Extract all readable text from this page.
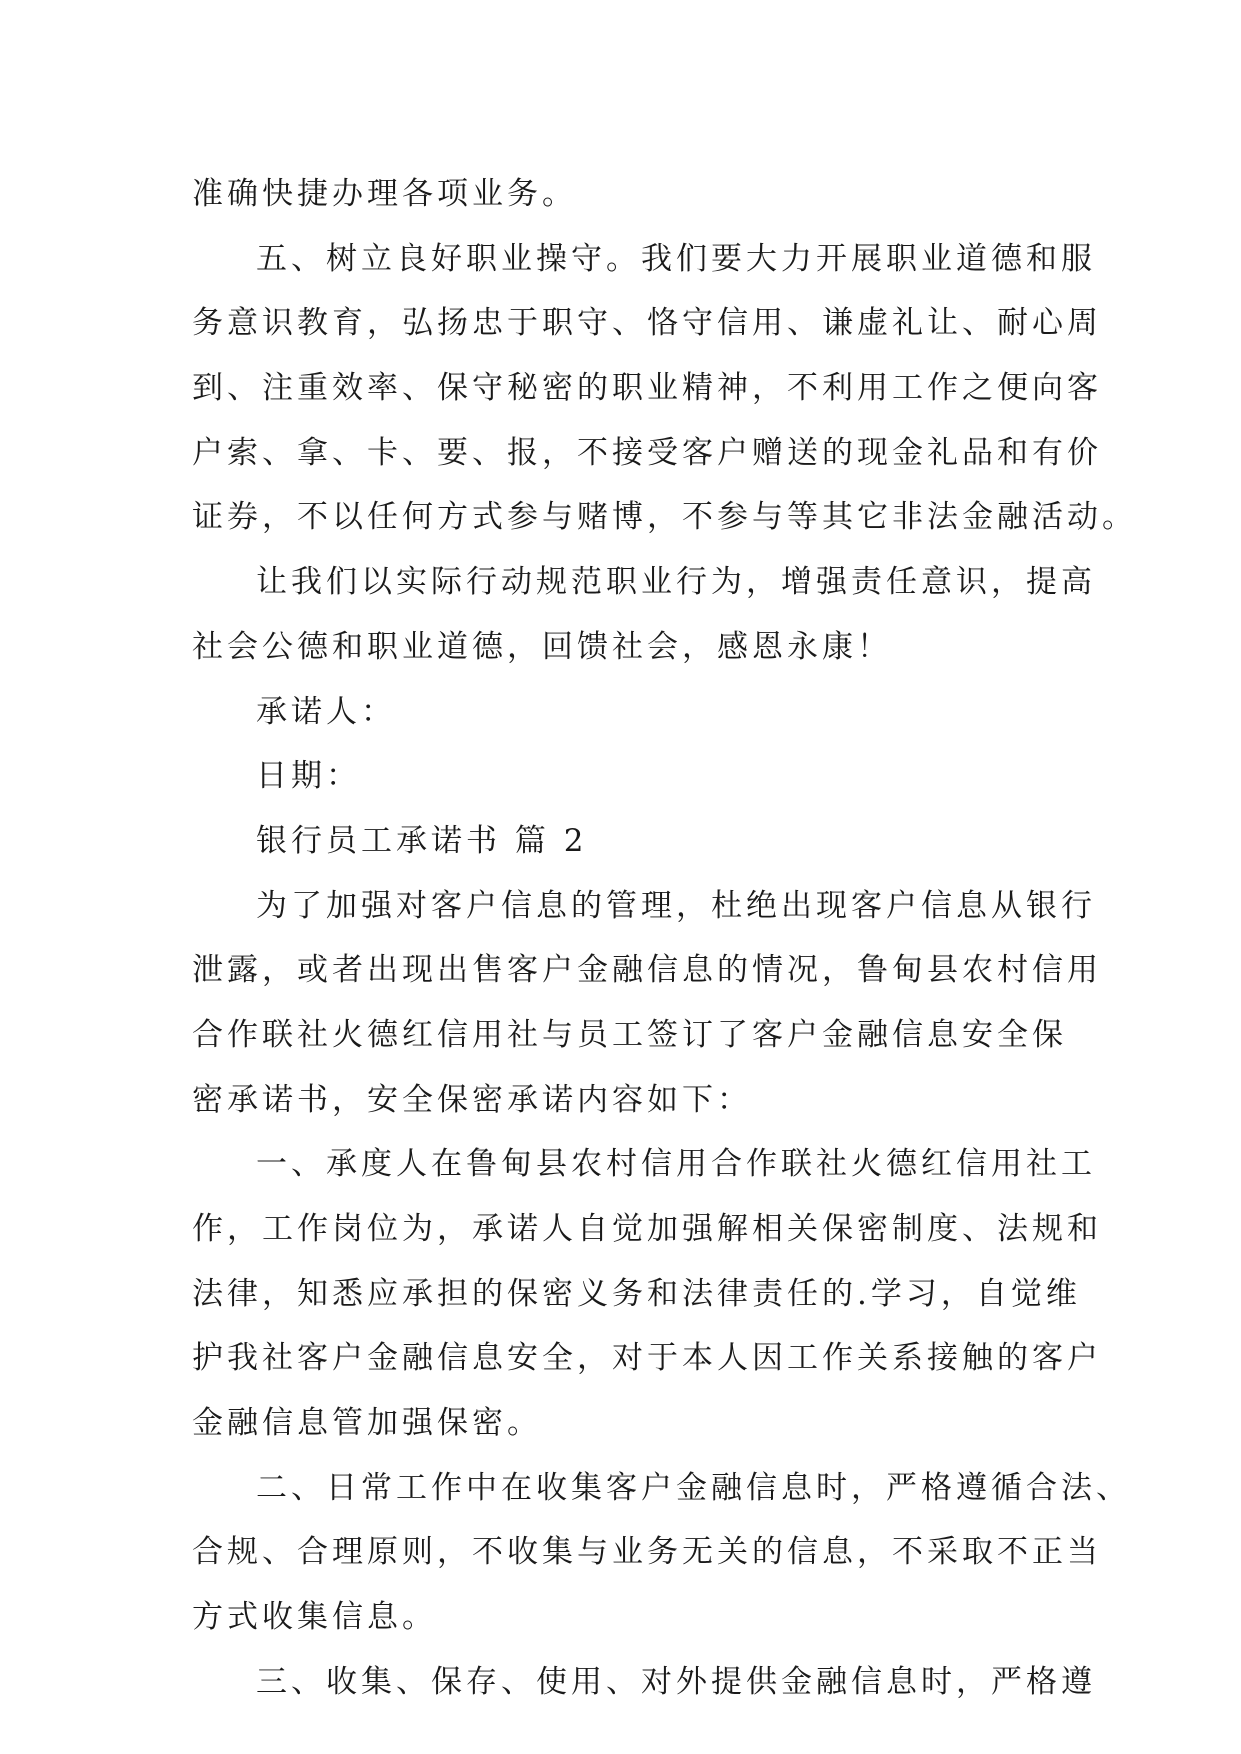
准确快捷办理各项业务。
五、树立良好职业操守。我们要大力开展职业道德和服
务意识教育，弘扬忠于职守、恪守信用、谦虚礼让、耐心周
到、注重效率、保守秘密的职业精神，不利用工作之便向客
户索、拿、卡、要、报，不接受客户赠送的现金礼品和有价
证券，不以任何方式参与赌博，不参与等其它非法金融活动。
让我们以实际行动规范职业行为，增强责任意识，提高
社会公德和职业道德，回馈社会，感恩永康！
承诺人：
日期：
银行员工承诺书 篇 2
为了加强对客户信息的管理，杜绝出现客户信息从银行
泄露，或者出现出售客户金融信息的情况，鲁甸县农村信用
合作联社火德红信用社与员工签订了客户金融信息安全保
密承诺书，安全保密承诺内容如下：
一、承度人在鲁甸县农村信用合作联社火德红信用社工
作，工作岗位为，承诺人自觉加强解相关保密制度、法规和
法律，知悉应承担的保密义务和法律责任的.学习，自觉维
护我社客户金融信息安全，对于本人因工作关系接触的客户
金融信息管加强保密。
二、日常工作中在收集客户金融信息时，严格遵循合法、
合规、合理原则，不收集与业务无关的信息，不采取不正当
方式收集信息。
三、收集、保存、使用、对外提供金融信息时，严格遵
